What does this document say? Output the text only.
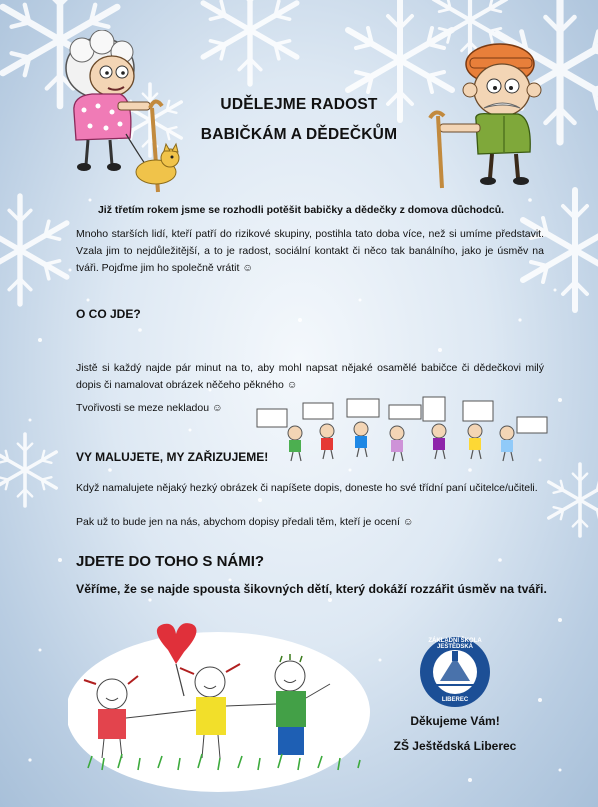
UDĚLEJME RADOST
BABIČKÁM A DĚDEČKŮM
Již třetím rokem jsme se rozhodli potěšit babičky a dědečky z domova důchodců.
Mnoho starších lidí, kteří patří do rizikové skupiny, postihla tato doba více, než si umíme představit. Vzala jim to nejdůležitější, a to je radost, sociální kontakt či něco tak banálního, jako je úsměv na tváři. Pojďme jim ho společně vrátit ☺
O CO JDE?
Jistě si každý najde pár minut na to, aby mohl napsat nějaké osamělé babičce či dědečkovi milý dopis či namalovat obrázek něčeho pěkného ☺
Tvořivosti se meze nekladou ☺
VY MALUJETE, MY ZAŘIZUJEME!
Když namalujete nějaký hezký obrázek či napíšete dopis, doneste ho své třídní paní učitelce/učiteli.
Pak už to bude jen na nás, abychom dopisy předali těm, kteří je ocení ☺
JDETE DO TOHO S NÁMI?
Věříme, že se najde spousta šikovných dětí, který dokáží rozzářit úsměv na tváři.
ZÁKLADNÍ ŠKOLA JEŠTĚDSKÁ
LIBEREC
Děkujeme Vám!
ZŠ Ještědská Liberec
